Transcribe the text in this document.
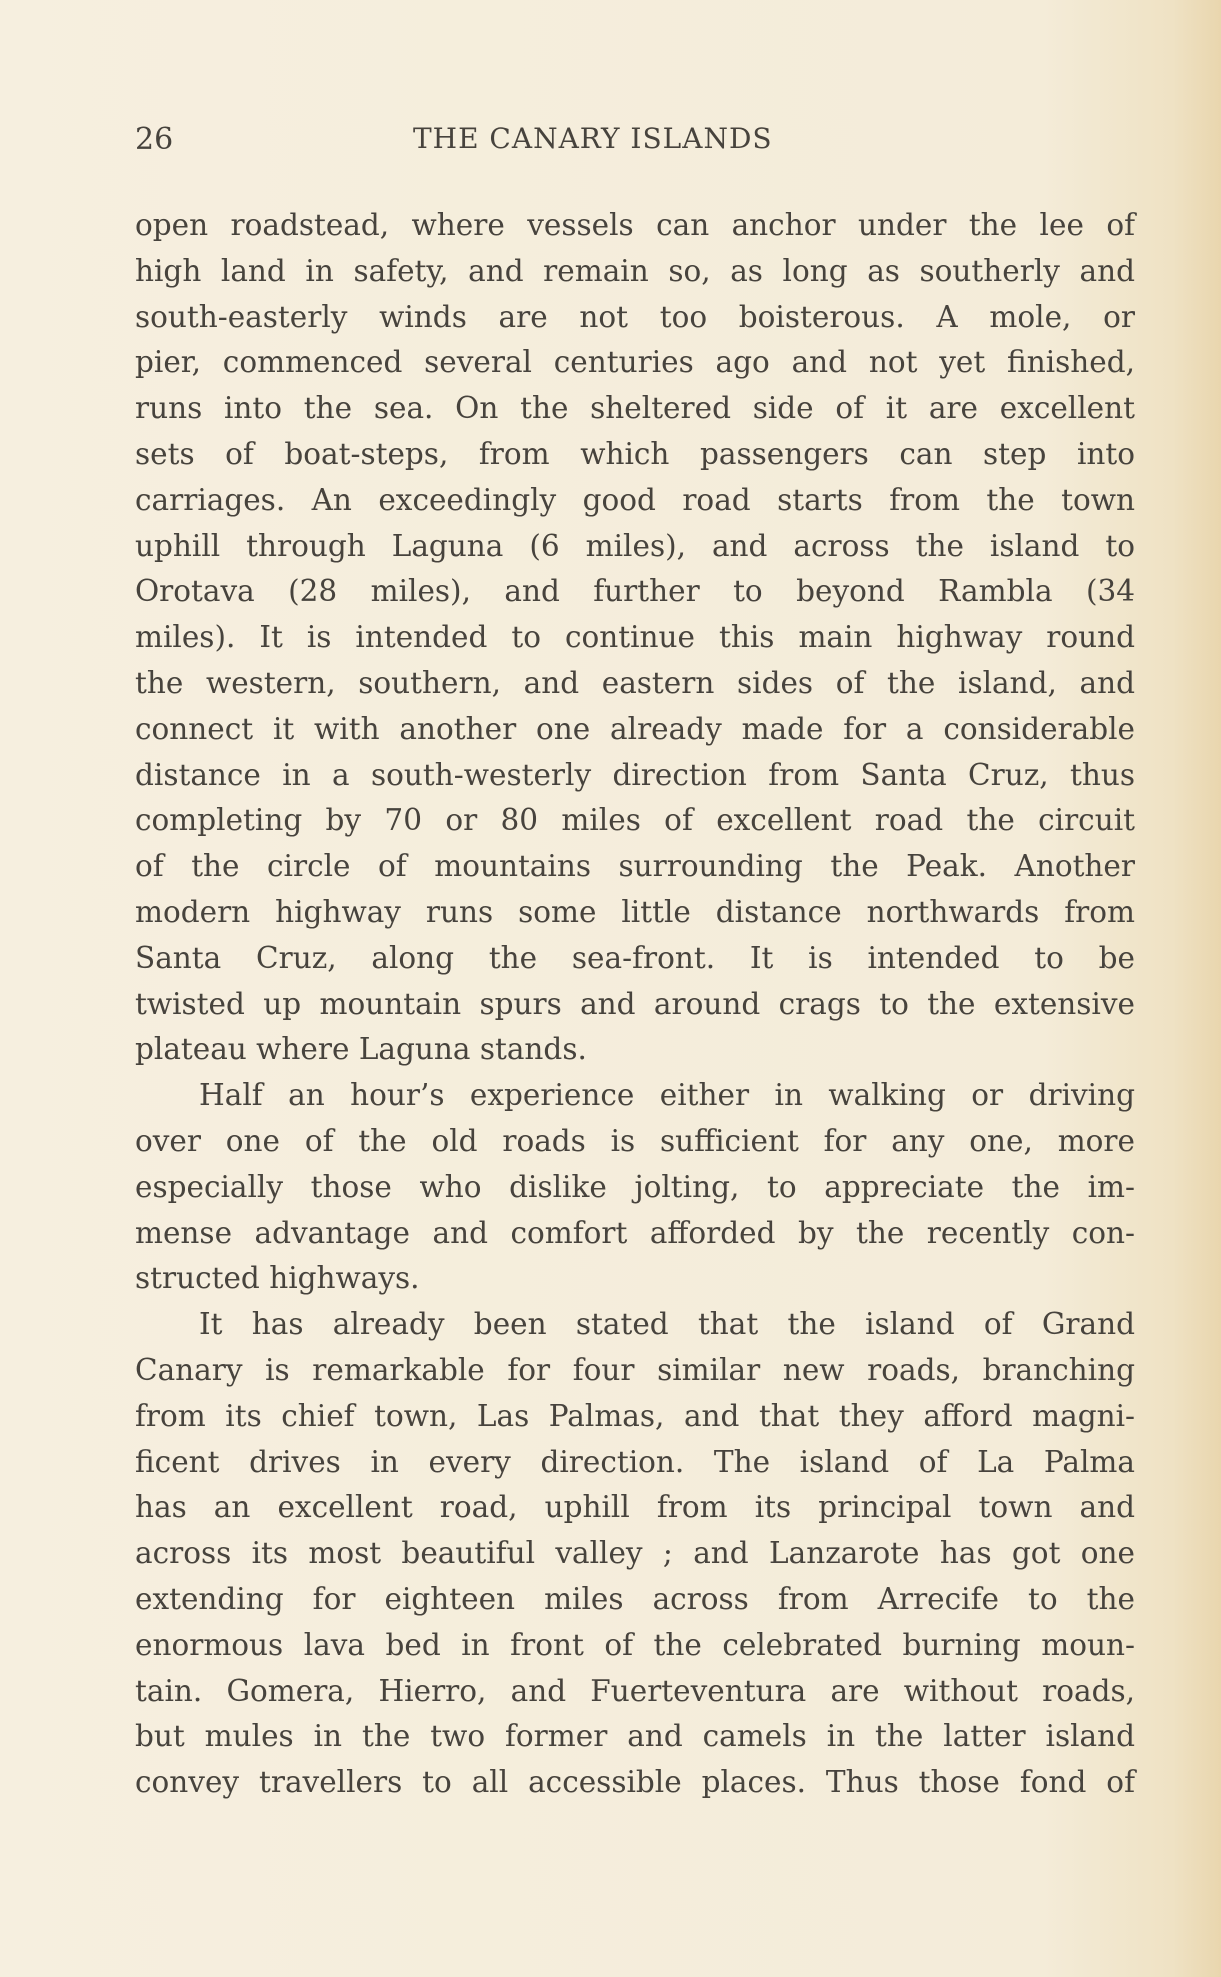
26	THE CANARY ISLANDS
open roadstead, where vessels can anchor under the lee of
high land in safety, and remain so, as long as southerly and
south-easterly winds are not too boisterous. A mole, or
pier, commenced several centuries ago and not yet finished,
runs into the sea. On the sheltered side of it are excellent
sets of boat-steps, from which passengers can step into
carriages. An exceedingly good road starts from the town
uphill through Laguna (6 miles), and across the island to
Orotava (28 miles), and further to beyond Rambla (34
miles). It is intended to continue this main highway round
the western, southern, and eastern sides of the island, and
connect it with another one already made for a considerable
distance in a south-westerly direction from Santa Cruz, thus
completing by 70 or 80 miles of excellent road the circuit
of the circle of mountains surrounding the Peak. Another
modern highway runs some little distance northwards from
Santa Cruz, along the sea-front. It is intended to be
twisted up mountain spurs and around crags to the extensive
plateau where Laguna stands.
Half an hour’s experience either in walking or driving
over one of the old roads is sufficient for any one, more
especially those who dislike jolting, to appreciate the im-
mense advantage and comfort afforded by the recently con-
structed highways.
It has already been stated that the island of Grand
Canary is remarkable for four similar new roads, branching
from its chief town, Las Palmas, and that they afford magni-
ficent drives in every direction. The island of La Palma
has an excellent road, uphill from its principal town and
across its most beautiful valley ; and Lanzarote has got one
extending for eighteen miles across from Arrecife to the
enormous lava bed in front of the celebrated burning moun-
tain. Gomera, Hierro, and Fuerteventura are without roads,
but mules in the two former and camels in the latter island
convey travellers to all accessible places. Thus those fond of
